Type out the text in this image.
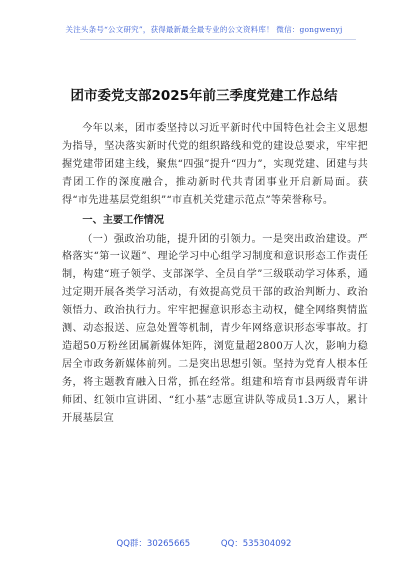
关注头条号“公文研究”，获得最新最全最专业的公文资料库！ 微信：gongwenyj
团市委党支部2025年前三季度党建工作总结

今年以来，团市委坚持以习近平新时代中国特色社会主义思想为指导，坚决落实新时代党的组织路线和党的建设总要求，牢牢把握党建带团建主线，聚焦“四强”提升“四力”，实现党建、团建与共青团工作的深度融合，推动新时代共青团事业开启新局面。获得“市先进基层党组织”“市直机关党建示范点”等荣誉称号。

一、主要工作情况

（一）强政治功能，提升团的引领力。一是突出政治建设。严格落实“第一议题”、理论学习中心组学习制度和意识形态工作责任制，构建“班子领学、支部深学、全员自学”三级联动学习体系，通过定期开展各类学习活动，有效提高党员干部的政治判断力、政治领悟力、政治执行力。牢牢把握意识形态主动权，健全网络舆情监测、动态报送、应急处置等机制，青少年网络意识形态零事故。打造超50万粉丝团属新媒体矩阵，浏览量超2800万人次，影响力稳居全市政务新媒体前列。二是突出思想引领。坚持为党育人根本任务，将主题教育融入日常，抓在经常。组建和培育市县两级青年讲师团、红领巾宣讲团、“红小基”志愿宣讲队等成员1.3万人，累计开展基层宣

QQ群：30265665	QQ：535304092
